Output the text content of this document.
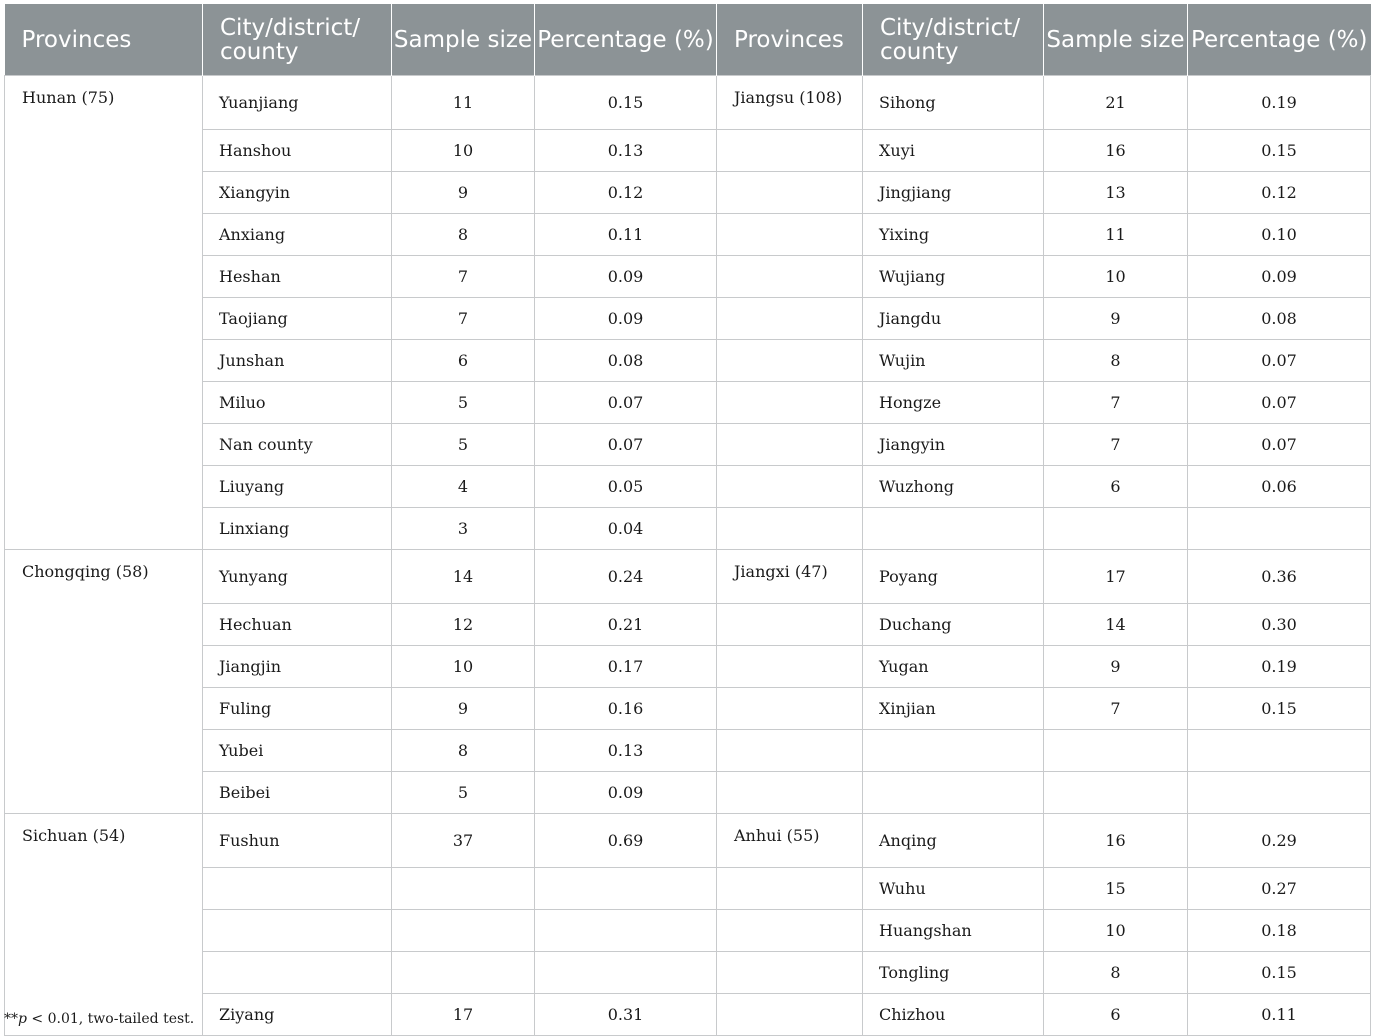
Provinces	City/district/ county	Sample size	Percentage (%)	Provinces	City/district/ county	Sample size	Percentage (%)
Hunan (75)	Yuanjiang	11	0.15	Jiangsu (108)	Sihong	21	0.19
	Hanshou	10	0.13		Xuyi	16	0.15
	Xiangyin	9	0.12		Jingjiang	13	0.12
	Anxiang	8	0.11		Yixing	11	0.10
	Heshan	7	0.09		Wujiang	10	0.09
	Taojiang	7	0.09		Jiangdu	9	0.08
	Junshan	6	0.08		Wujin	8	0.07
	Miluo	5	0.07		Hongze	7	0.07
	Nan county	5	0.07		Jiangyin	7	0.07
	Liuyang	4	0.05		Wuzhong	6	0.06
	Linxiang	3	0.04				
Chongqing (58)	Yunyang	14	0.24	Jiangxi (47)	Poyang	17	0.36
	Hechuan	12	0.21		Duchang	14	0.30
	Jiangjin	10	0.17		Yugan	9	0.19
	Fuling	9	0.16		Xinjian	7	0.15
	Yubei	8	0.13				
	Beibei	5	0.09				
Sichuan (54)	Fushun	37	0.69	Anhui (55)	Anqing	16	0.29
					Wuhu	15	0.27
					Huangshan	10	0.18
					Tongling	8	0.15
	Ziyang	17	0.31		Chizhou	6	0.11
**p < 0.01, two-tailed test.
